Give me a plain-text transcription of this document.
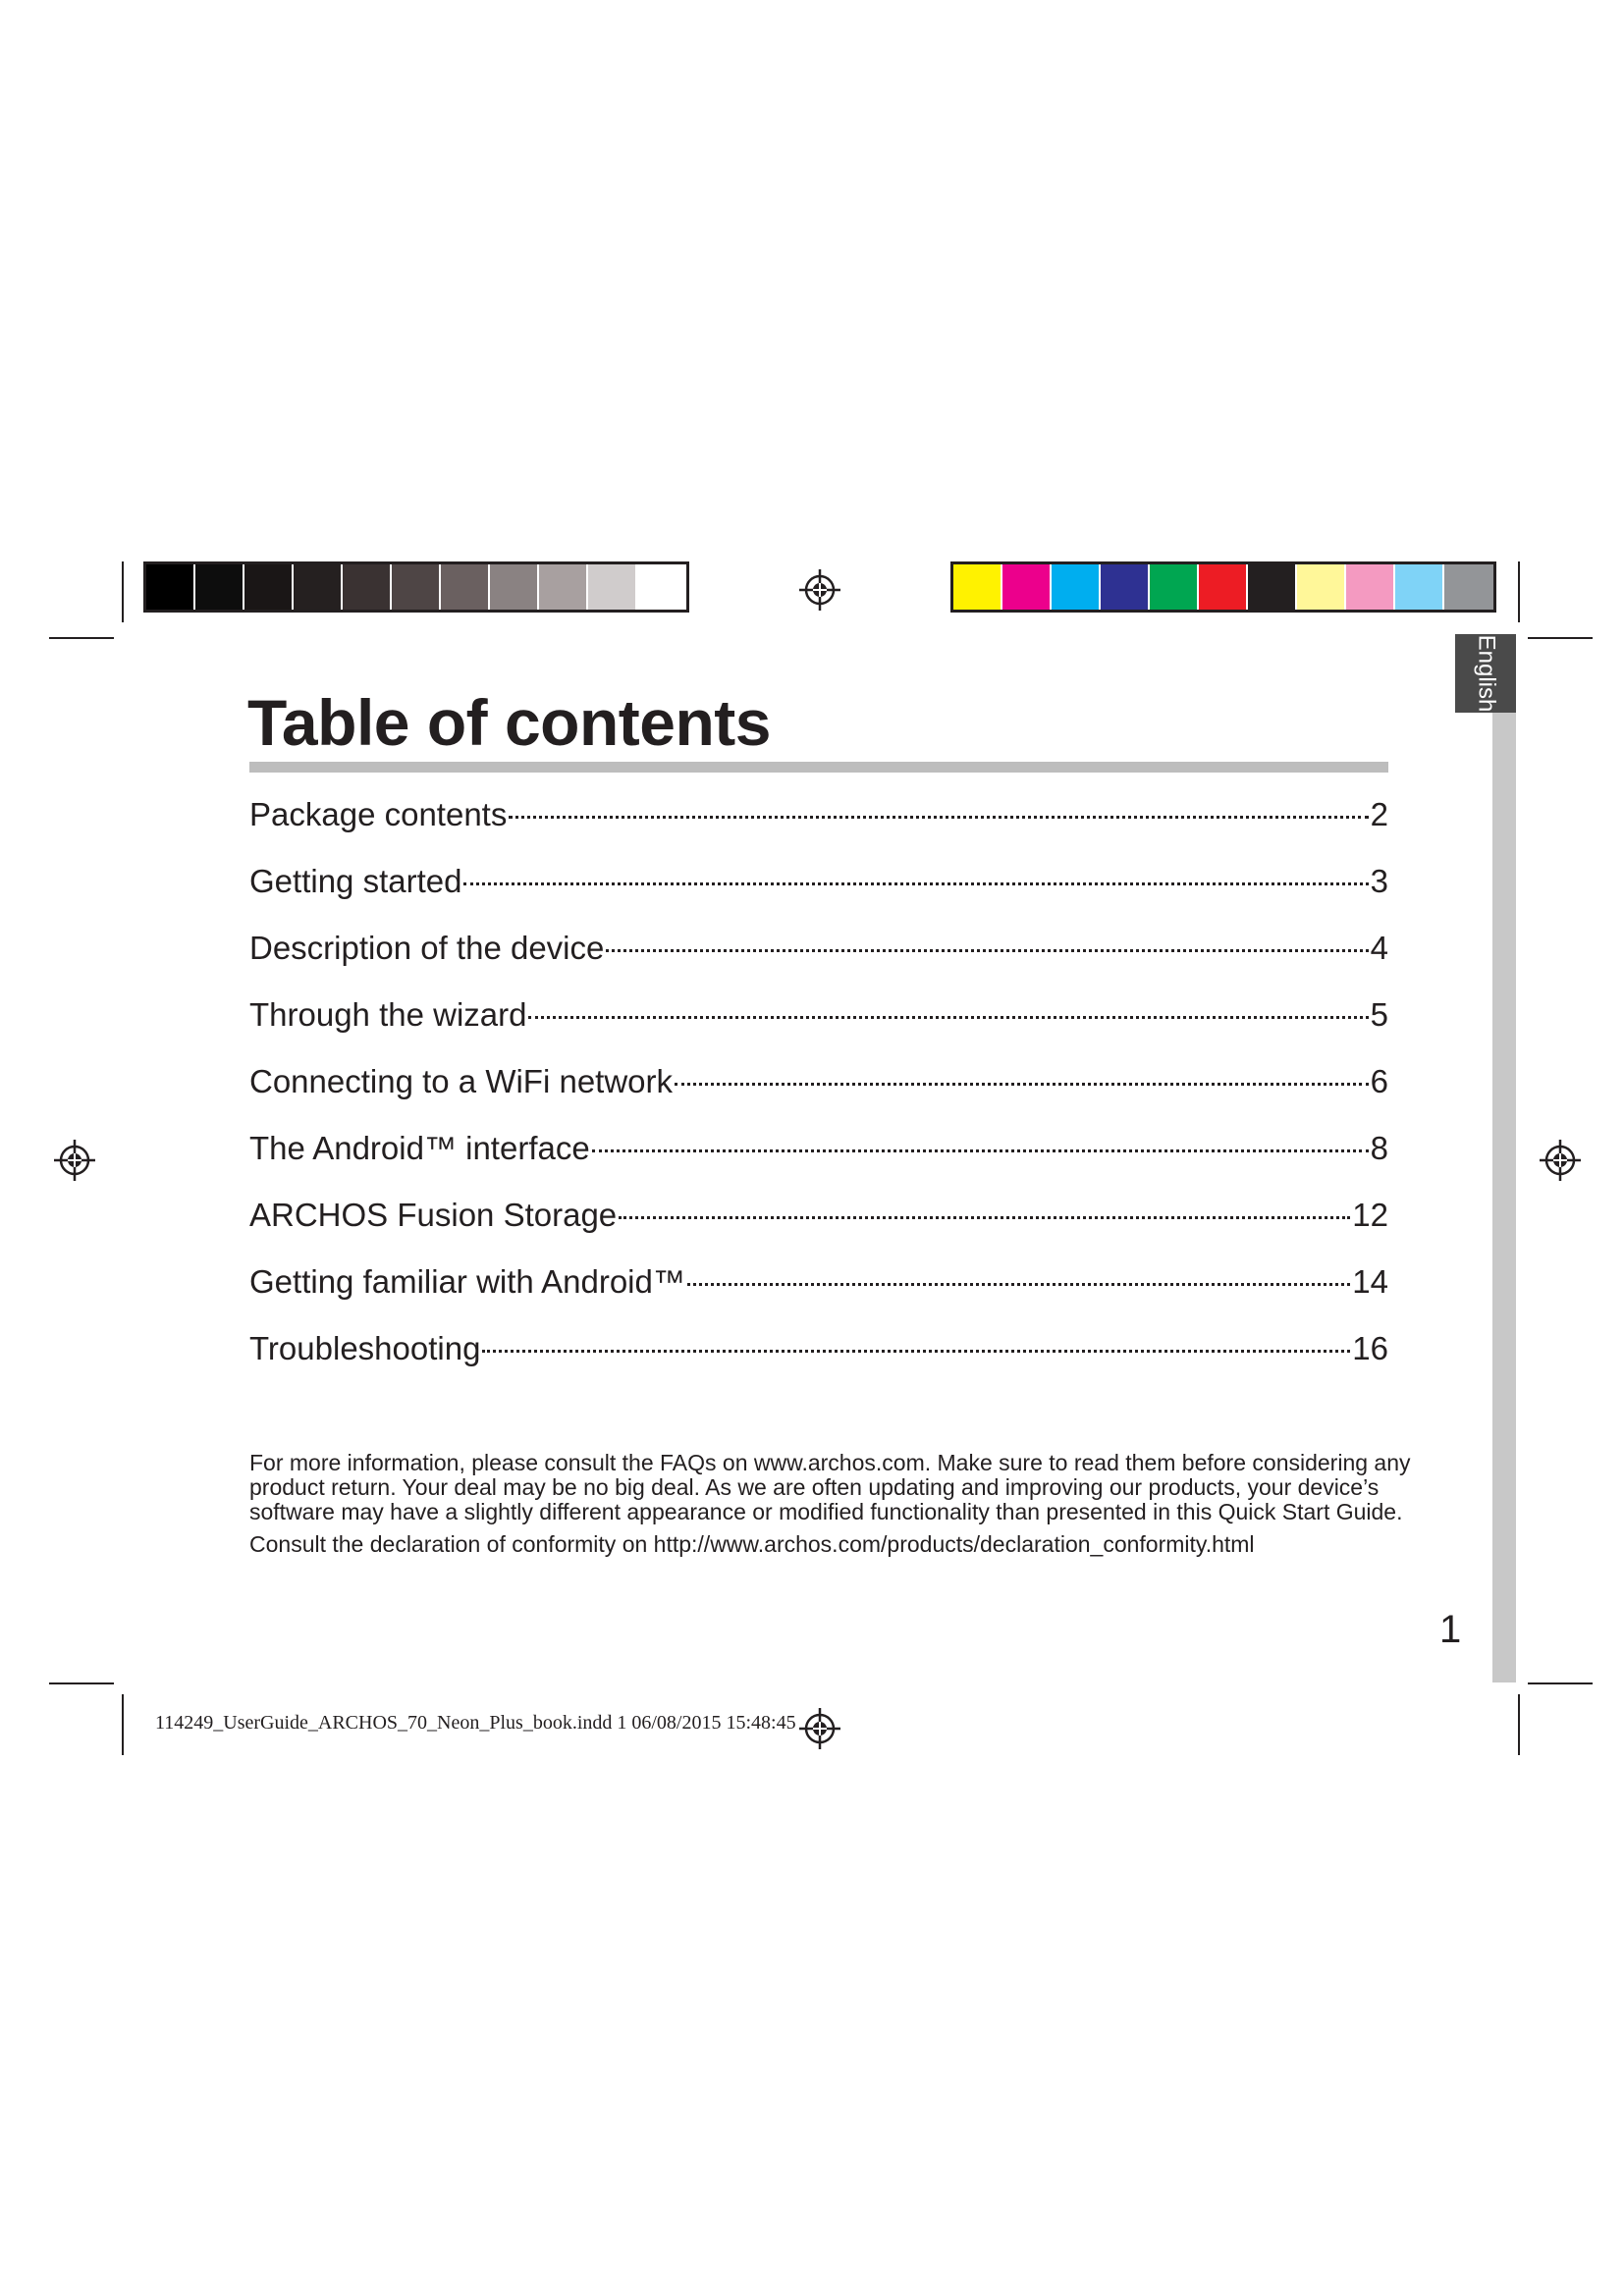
English
Table of contents
Package contents	2
Getting started	3
Description of the device	4
Through the wizard	5
Connecting to a WiFi network	6
The Android™ interface	8
ARCHOS Fusion Storage	12
Getting familiar with Android™	14
Troubleshooting	16

For more information, please consult the FAQs on www.archos.com. Make sure to read them before considering any product return. Your deal may be no big deal. As we are often updating and improving our products, your device’s software may have a slightly different appearance or modified functionality than presented in this Quick Start Guide.

Consult the declaration of conformity on http://www.archos.com/products/declaration_conformity.html

1
114249_UserGuide_ARCHOS_70_Neon_Plus_book.indd 1 06/08/2015 15:48:45
